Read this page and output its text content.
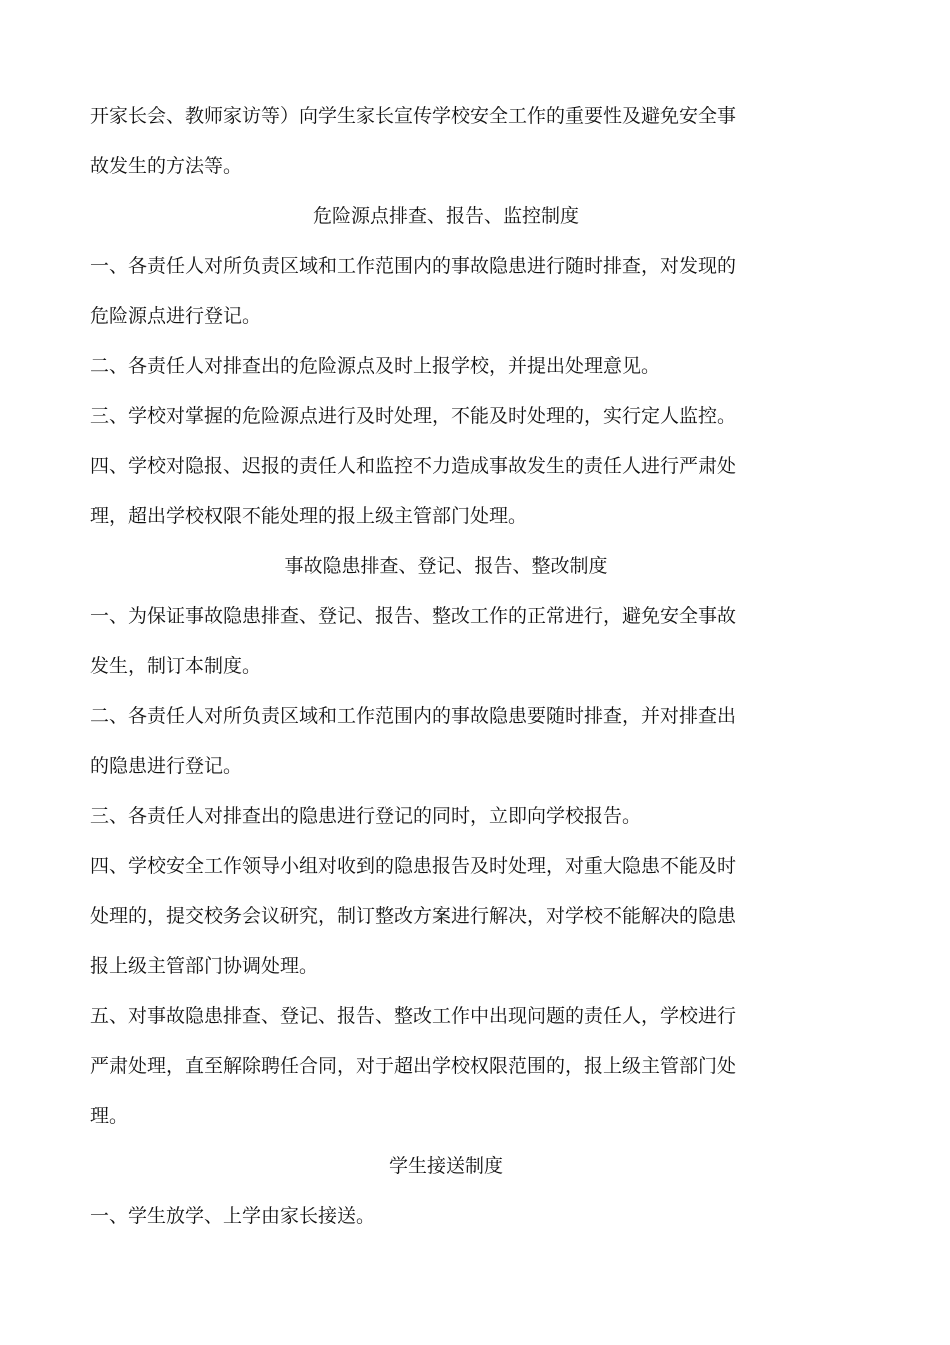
开家长会、教师家访等）向学生家长宣传学校安全工作的重要性及避免安全事

故发生的方法等。

危险源点排查、报告、监控制度

一、各责任人对所负责区域和工作范围内的事故隐患进行随时排查，对发现的

危险源点进行登记。

二、各责任人对排查出的危险源点及时上报学校，并提出处理意见。

三、学校对掌握的危险源点进行及时处理，不能及时处理的，实行定人监控。

四、学校对隐报、迟报的责任人和监控不力造成事故发生的责任人进行严肃处

理，超出学校权限不能处理的报上级主管部门处理。

事故隐患排查、登记、报告、整改制度

一、为保证事故隐患排查、登记、报告、整改工作的正常进行，避免安全事故

发生，制订本制度。

二、各责任人对所负责区域和工作范围内的事故隐患要随时排查，并对排查出

的隐患进行登记。

三、各责任人对排查出的隐患进行登记的同时，立即向学校报告。

四、学校安全工作领导小组对收到的隐患报告及时处理，对重大隐患不能及时

处理的，提交校务会议研究，制订整改方案进行解决，对学校不能解决的隐患

报上级主管部门协调处理。

五、对事故隐患排查、登记、报告、整改工作中出现问题的责任人，学校进行

严肃处理，直至解除聘任合同，对于超出学校权限范围的，报上级主管部门处

理。

学生接送制度

一、学生放学、上学由家长接送。
